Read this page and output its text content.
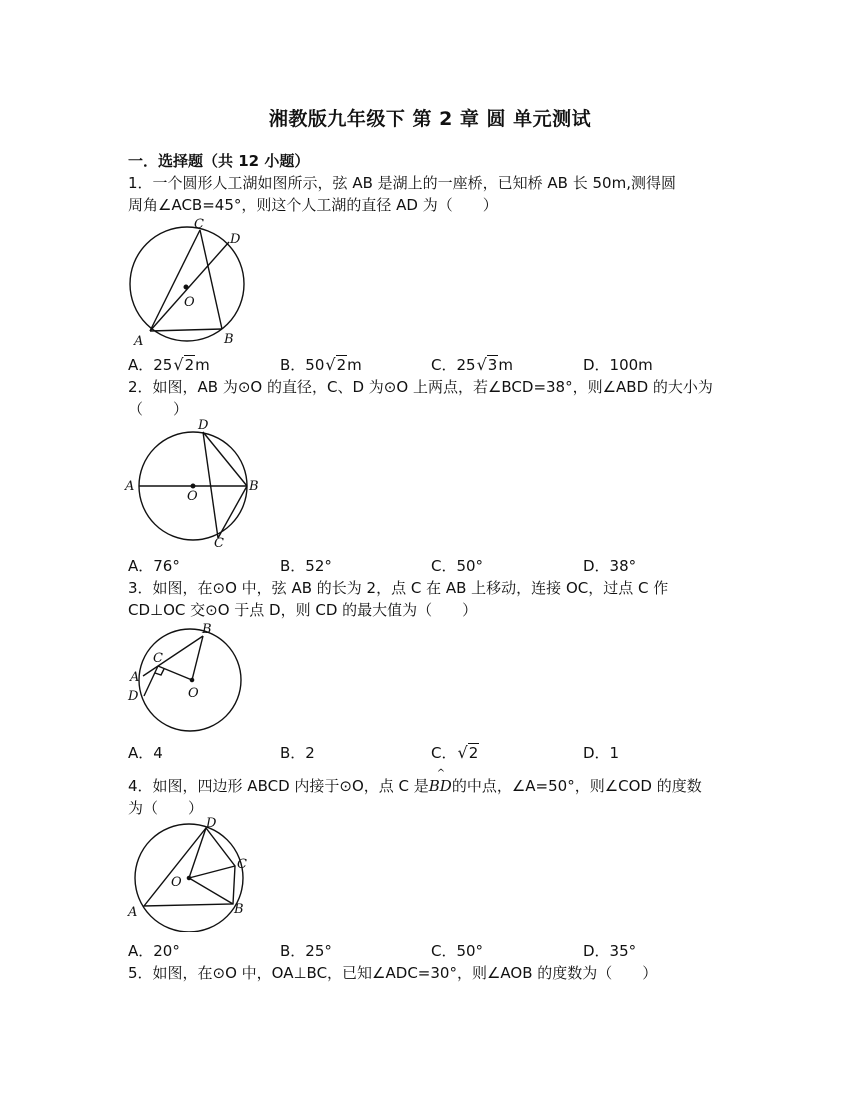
湘教版九年级下 第 2 章 圆 单元测试
一．选择题（共 12 小题）
1．一个圆形人工湖如图所示，弦 AB 是湖上的一座桥，已知桥 AB 长 50m,测得圆
周角∠ACB=45°，则这个人工湖的直径 AD 为（　　）
C
D
O
A	B
A．25√2m	B．50√2m	C．25√3m	D．100m
2．如图，AB 为⊙O 的直径，C、D 为⊙O 上两点，若∠BCD=38°，则∠ABD 的大小为
（　　）
D
A
O
B
C
A．76°	B．52°	C．50°	D．38°
3．如图，在⊙O 中，弦 AB 的长为 2，点 C 在 AB 上移动，连接 OC，过点 C 作
CD⊥OC 交⊙O 于点 D，则 CD 的最大值为（　　）
B
C
A
D	O
A．4	B．2	C．√2	D．1
4．如图，四边形 ABCD 内接于⊙O，点 C 是
^
BD的中点，∠A=50°，则∠COD 的度数
为（　　）
D
C
O
A	B
A．20°	B．25°	C．50°	D．35°
5．如图，在⊙O 中，OA⊥BC，已知∠ADC=30°，则∠AOB 的度数为（　　）
